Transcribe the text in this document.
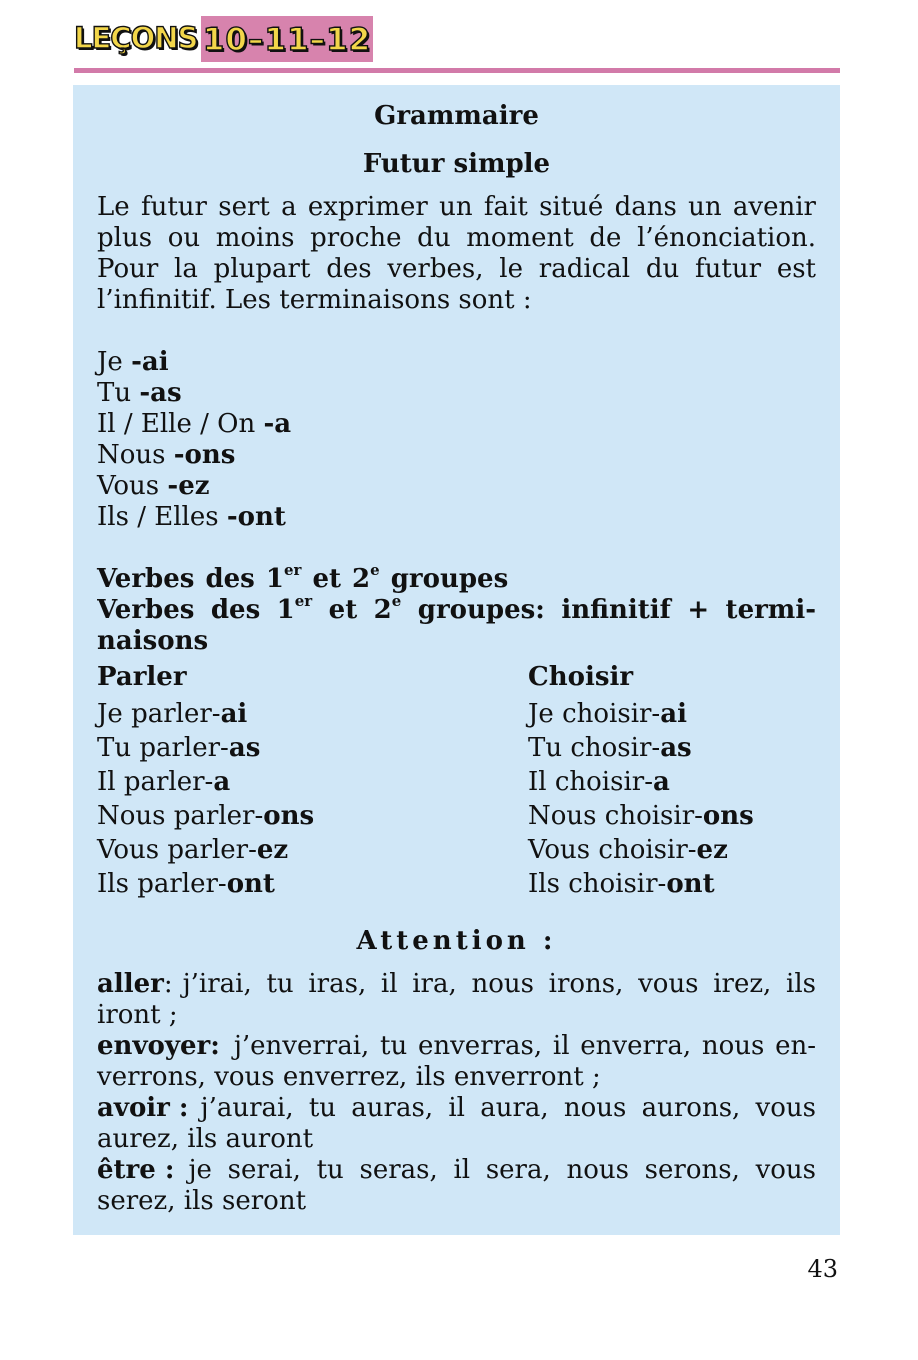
LEÇONS 10–11–12
Grammaire
Futur simple
Le futur sert a exprimer un fait situé dans un avenir
plus ou moins proche du moment de l’énonciation.
Pour la plupart des verbes, le radical du futur est
l’infinitif. Les terminaisons sont :
Je -ai
Tu -as
Il / Elle / On -a
Nous -ons
Vous -ez
Ils / Elles -ont
Verbes des 1er et 2e groupes
Verbes des 1er et 2e groupes: infinitif + termi-
naisons
Parler	Choisir
Je parler-ai
Tu parler-as
Il parler-a
Nous parler-ons
Vous parler-ez
Ils parler-ont
Je choisir-ai
Tu chosir-as
Il choisir-a
Nous choisir-ons
Vous choisir-ez
Ils choisir-ont
Attention :
aller: j’irai, tu iras, il ira, nous irons, vous irez, ils
iront ;
envoyer: j’enverrai, tu enverras, il enverra, nous en-
verrons, vous enverrez, ils enverront ;
avoir : j’aurai, tu auras, il aura, nous aurons, vous
aurez, ils auront
être : je serai, tu seras, il sera, nous serons, vous
serez, ils seront
43
